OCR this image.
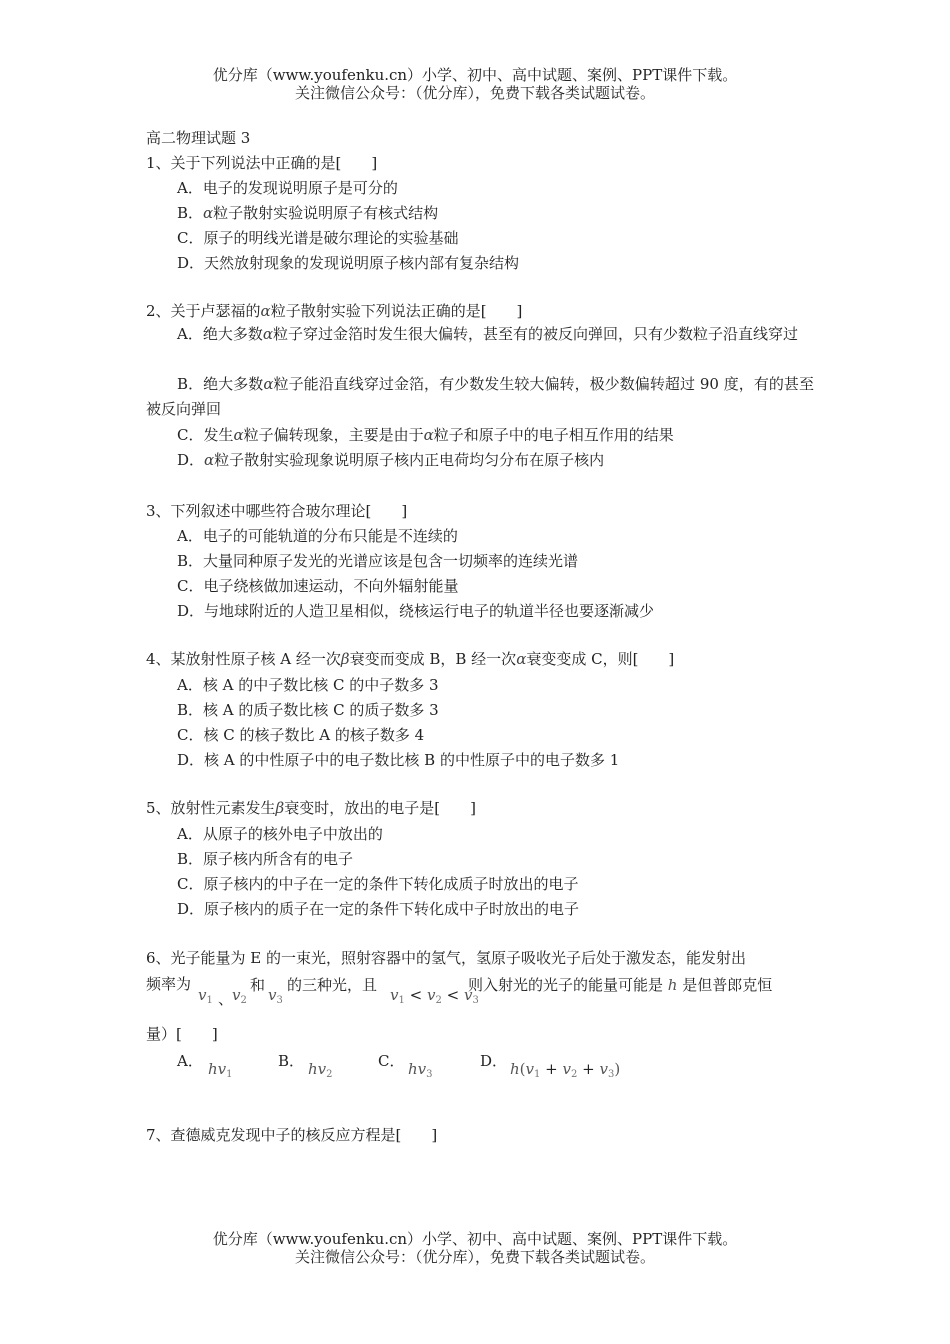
优分库（www.youfenku.cn）小学、初中、高中试题、案例、PPT课件下载。
关注微信公众号：（优分库），免费下载各类试题试卷。
高二物理试题 3
1、关于下列说法中正确的是[　　]
A．电子的发现说明原子是可分的
B．α粒子散射实验说明原子有核式结构
C．原子的明线光谱是破尔理论的实验基础
D．天然放射现象的发现说明原子核内部有复杂结构
2、关于卢瑟福的α粒子散射实验下列说法正确的是[　　]
A．绝大多数α粒子穿过金箔时发生很大偏转，甚至有的被反向弹回，只有少数粒子沿直线穿过
B．绝大多数α粒子能沿直线穿过金箔，有少数发生较大偏转，极少数偏转超过 90 度，有的甚至被反向弹回
C．发生α粒子偏转现象，主要是由于α粒子和原子中的电子相互作用的结果
D．α粒子散射实验现象说明原子核内正电荷均匀分布在原子核内
3、下列叙述中哪些符合玻尔理论[　　]
A．电子的可能轨道的分布只能是不连续的
B．大量同种原子发光的光谱应该是包含一切频率的连续光谱
C．电子绕核做加速运动，不向外辐射能量
D．与地球附近的人造卫星相似，绕核运行电子的轨道半径也要逐渐减少
4、某放射性原子核 A 经一次β衰变而变成 B，B 经一次α衰变变成 C，则[　　]
A．核 A 的中子数比核 C 的中子数多 3
B．核 A 的质子数比核 C 的质子数多 3
C．核 C 的核子数比 A 的核子数多 4
D．核 A 的中性原子中的电子数比核 B 的中性原子中的电子数多 1
5、放射性元素发生β衰变时，放出的电子是[　　]
A．从原子的核外电子中放出的
B．原子核内所含有的电子
C．原子核内的中子在一定的条件下转化成质子时放出的电子
D．原子核内的质子在一定的条件下转化成中子时放出的电子
6、光子能量为 E 的一束光，照射容器中的氢气，氢原子吸收光子后处于激发态，能发射出
频率为
$v_1$ 、
$v_2$
和
$v_3$
的三种光，且
$v_1 < v_2 < v_3$
则入射光的光子的能量可能是 h 是但普郎克恒
量）[　　]
A． $hv_1$
B． $hv_2$
C． $hv_3$
D． $h(v_1 + v_2 + v_3)$
7、查德威克发现中子的核反应方程是[　　]
优分库（www.youfenku.cn）小学、初中、高中试题、案例、PPT课件下载。
关注微信公众号：（优分库），免费下载各类试题试卷。
